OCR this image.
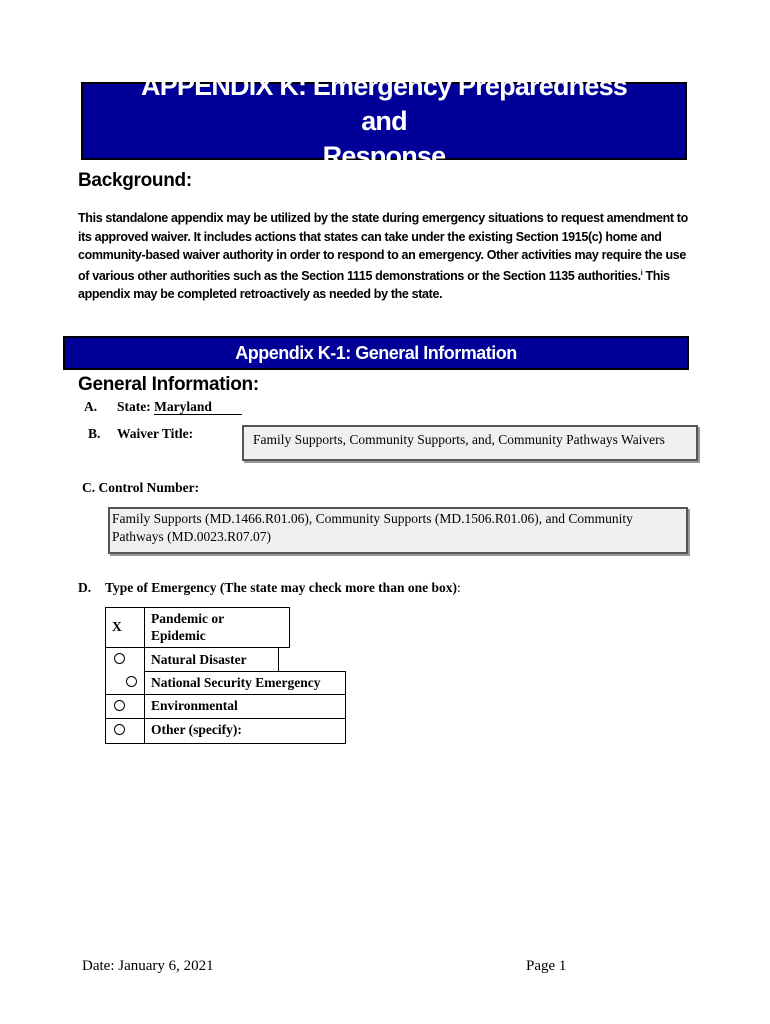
APPENDIX K: Emergency Preparedness and
Response
Background:
This standalone appendix may be utilized by the state during emergency situations to request amendment to its approved waiver. It includes actions that states can take under the existing Section 1915(c) home and community-based waiver authority in order to respond to an emergency. Other activities may require the use of various other authorities such as the Section 1115 demonstrations or the Section 1135 authorities.$^i$ This appendix may be completed retroactively as needed by the state.
Appendix K-1: General Information
General Information:
A. State: Maryland
B. Waiver Title:	Family Supports, Community Supports, and, Community Pathways Waivers
C. Control Number:
Family Supports (MD.1466.R01.06), Community Supports (MD.1506.R01.06), and Community Pathways (MD.0023.R07.07)
D. Type of Emergency (The state may check more than one box):
X
Pandemic or Epidemic
Natural Disaster
National Security Emergency
Environmental
Other (specify):
Date: January 6, 2021	Page 1
